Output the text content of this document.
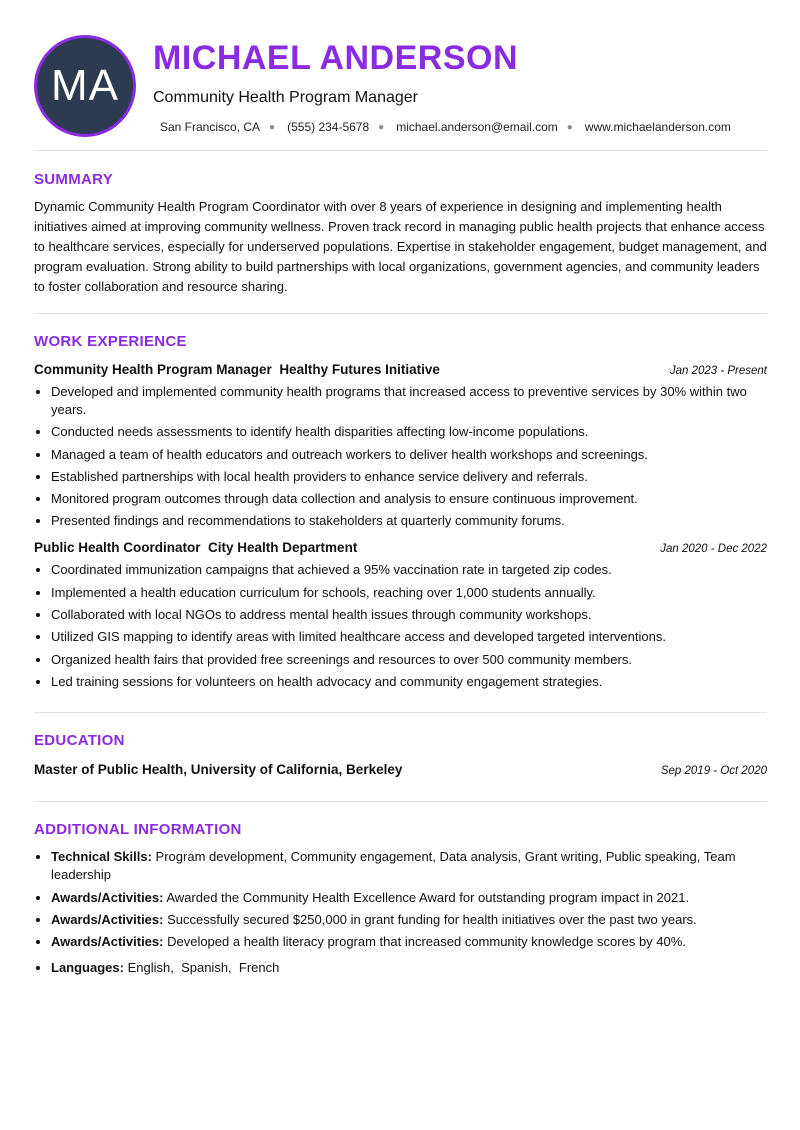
MA
MICHAEL ANDERSON
Community Health Program Manager
San Francisco, CA ● (555) 234-5678 ● michael.anderson@email.com ● www.michaelanderson.com
SUMMARY

Dynamic Community Health Program Coordinator with over 8 years of experience in designing and implementing health initiatives aimed at improving community wellness. Proven track record in managing public health projects that enhance access to healthcare services, especially for underserved populations. Expertise in stakeholder engagement, budget management, and program evaluation. Strong ability to build partnerships with local organizations, government agencies, and community leaders to foster collaboration and resource sharing.

WORK EXPERIENCE
Community Health Program Manager Healthy Futures Initiative	Jan 2023 - Present
• Developed and implemented community health programs that increased access to preventive services by 30% within two years.
• Conducted needs assessments to identify health disparities affecting low-income populations.
• Managed a team of health educators and outreach workers to deliver health workshops and screenings.
• Established partnerships with local health providers to enhance service delivery and referrals.
• Monitored program outcomes through data collection and analysis to ensure continuous improvement.
• Presented findings and recommendations to stakeholders at quarterly community forums.
Public Health Coordinator City Health Department	Jan 2020 - Dec 2022
• Coordinated immunization campaigns that achieved a 95% vaccination rate in targeted zip codes.
• Implemented a health education curriculum for schools, reaching over 1,000 students annually.
• Collaborated with local NGOs to address mental health issues through community workshops.
• Utilized GIS mapping to identify areas with limited healthcare access and developed targeted interventions.
• Organized health fairs that provided free screenings and resources to over 500 community members.
• Led training sessions for volunteers on health advocacy and community engagement strategies.
EDUCATION
Master of Public Health, University of California, Berkeley	Sep 2019 - Oct 2020
ADDITIONAL INFORMATION
• Technical Skills: Program development, Community engagement, Data analysis, Grant writing, Public speaking, Team leadership
• Awards/Activities: Awarded the Community Health Excellence Award for outstanding program impact in 2021.
• Awards/Activities: Successfully secured $250,000 in grant funding for health initiatives over the past two years.
• Awards/Activities: Developed a health literacy program that increased community knowledge scores by 40%.
• Languages: English,  Spanish,  French
